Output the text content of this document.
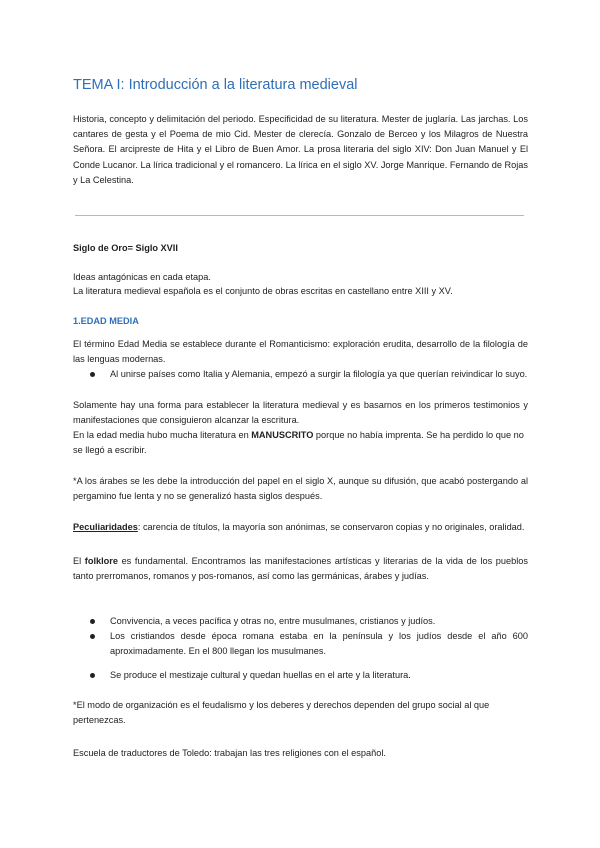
TEMA I: Introducción a la literatura medieval

Historia, concepto y delimitación del periodo. Especificidad de su literatura. Mester de juglaría. Las jarchas. Los cantares de gesta y el Poema de mio Cid. Mester de clerecía. Gonzalo de Berceo y los Milagros de Nuestra Señora. El arcipreste de Hita y el Libro de Buen Amor. La prosa literaria del siglo XIV: Don Juan Manuel y El Conde Lucanor. La lírica tradicional y el romancero. La lírica en el siglo XV. Jorge Manrique. Fernando de Rojas y La Celestina.

Siglo de Oro= Siglo XVII

Ideas antagónicas en cada etapa.

La literatura medieval española es el conjunto de obras escritas en castellano entre XIII y XV.

1.EDAD MEDIA

El término Edad Media se establece durante el Romanticismo: exploración erudita, desarrollo de la filología de las lenguas modernas.

Al unirse países como Italia y Alemania, empezó a surgir la filología ya que querían reivindicar lo suyo.

Solamente hay una forma para establecer la literatura medieval y es basarnos en los primeros testimonios y manifestaciones que consiguieron alcanzar la escritura.

En la edad media hubo mucha literatura en MANUSCRITO porque no había imprenta. Se ha perdido lo que no se llegó a escribir.

*A los árabes se les debe la introducción del papel en el siglo X, aunque su difusión, que acabó postergando al pergamino fue lenta y no se generalizó hasta siglos después.

Peculiaridades: carencia de títulos, la mayoría son anónimas, se conservaron copias y no originales, oralidad.

El folklore es fundamental. Encontramos las manifestaciones artísticas y literarias de la vida de los pueblos tanto prerromanos, romanos y pos-romanos, así como las germánicas, árabes y judías.

Convivencia, a veces pacífica y otras no, entre musulmanes, cristianos y judíos.
Los cristiandos desde época romana estaba en la península y los judíos desde el año 600 aproximadamente. En el 800 llegan los musulmanes.
Se produce el mestizaje cultural y quedan huellas en el arte y la literatura.

*El modo de organización es el feudalismo y los deberes y derechos dependen del grupo social al que pertenezcas.

Escuela de traductores de Toledo: trabajan las tres religiones con el español.
